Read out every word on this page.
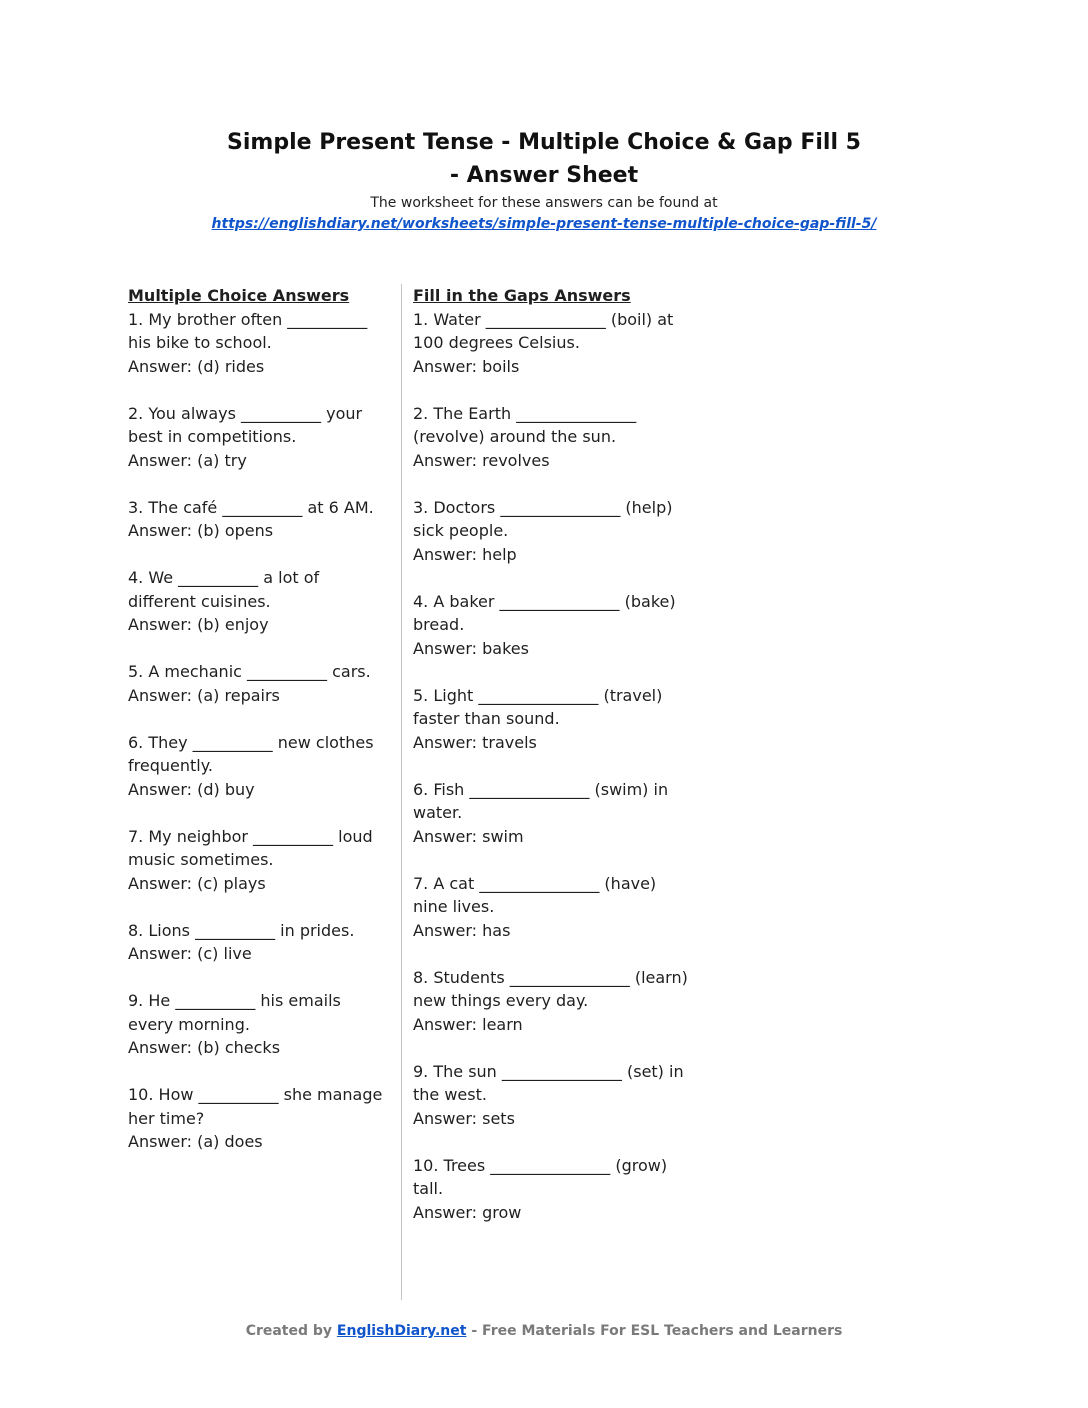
Simple Present Tense - Multiple Choice & Gap Fill 5
- Answer Sheet
The worksheet for these answers can be found at
https://englishdiary.net/worksheets/simple-present-tense-multiple-choice-gap-fill-5/

Multiple Choice Answers

1. My brother often __________ his bike to school.
Answer: (d) rides
2. You always __________ your best in competitions.
Answer: (a) try
3. The café __________ at 6 AM.
Answer: (b) opens
4. We __________ a lot of different cuisines.
Answer: (b) enjoy
5. A mechanic __________ cars.
Answer: (a) repairs
6. They __________ new clothes frequently.
Answer: (d) buy
7. My neighbor __________ loud music sometimes.
Answer: (c) plays
8. Lions __________ in prides.
Answer: (c) live
9. He __________ his emails every morning.
Answer: (b) checks
10. How __________ she manage her time?
Answer: (a) does

Fill in the Gaps Answers

1. Water _______________ (boil) at 100 degrees Celsius.
Answer: boils
2. The Earth _______________ (revolve) around the sun.
Answer: revolves
3. Doctors _______________ (help) sick people.
Answer: help
4. A baker _______________ (bake) bread.
Answer: bakes
5. Light _______________ (travel) faster than sound.
Answer: travels
6. Fish _______________ (swim) in water.
Answer: swim
7. A cat _______________ (have) nine lives.
Answer: has
8. Students _______________ (learn) new things every day.
Answer: learn
9. The sun _______________ (set) in the west.
Answer: sets
10. Trees _______________ (grow) tall.
Answer: grow
Created by EnglishDiary.net - Free Materials For ESL Teachers and Learners
